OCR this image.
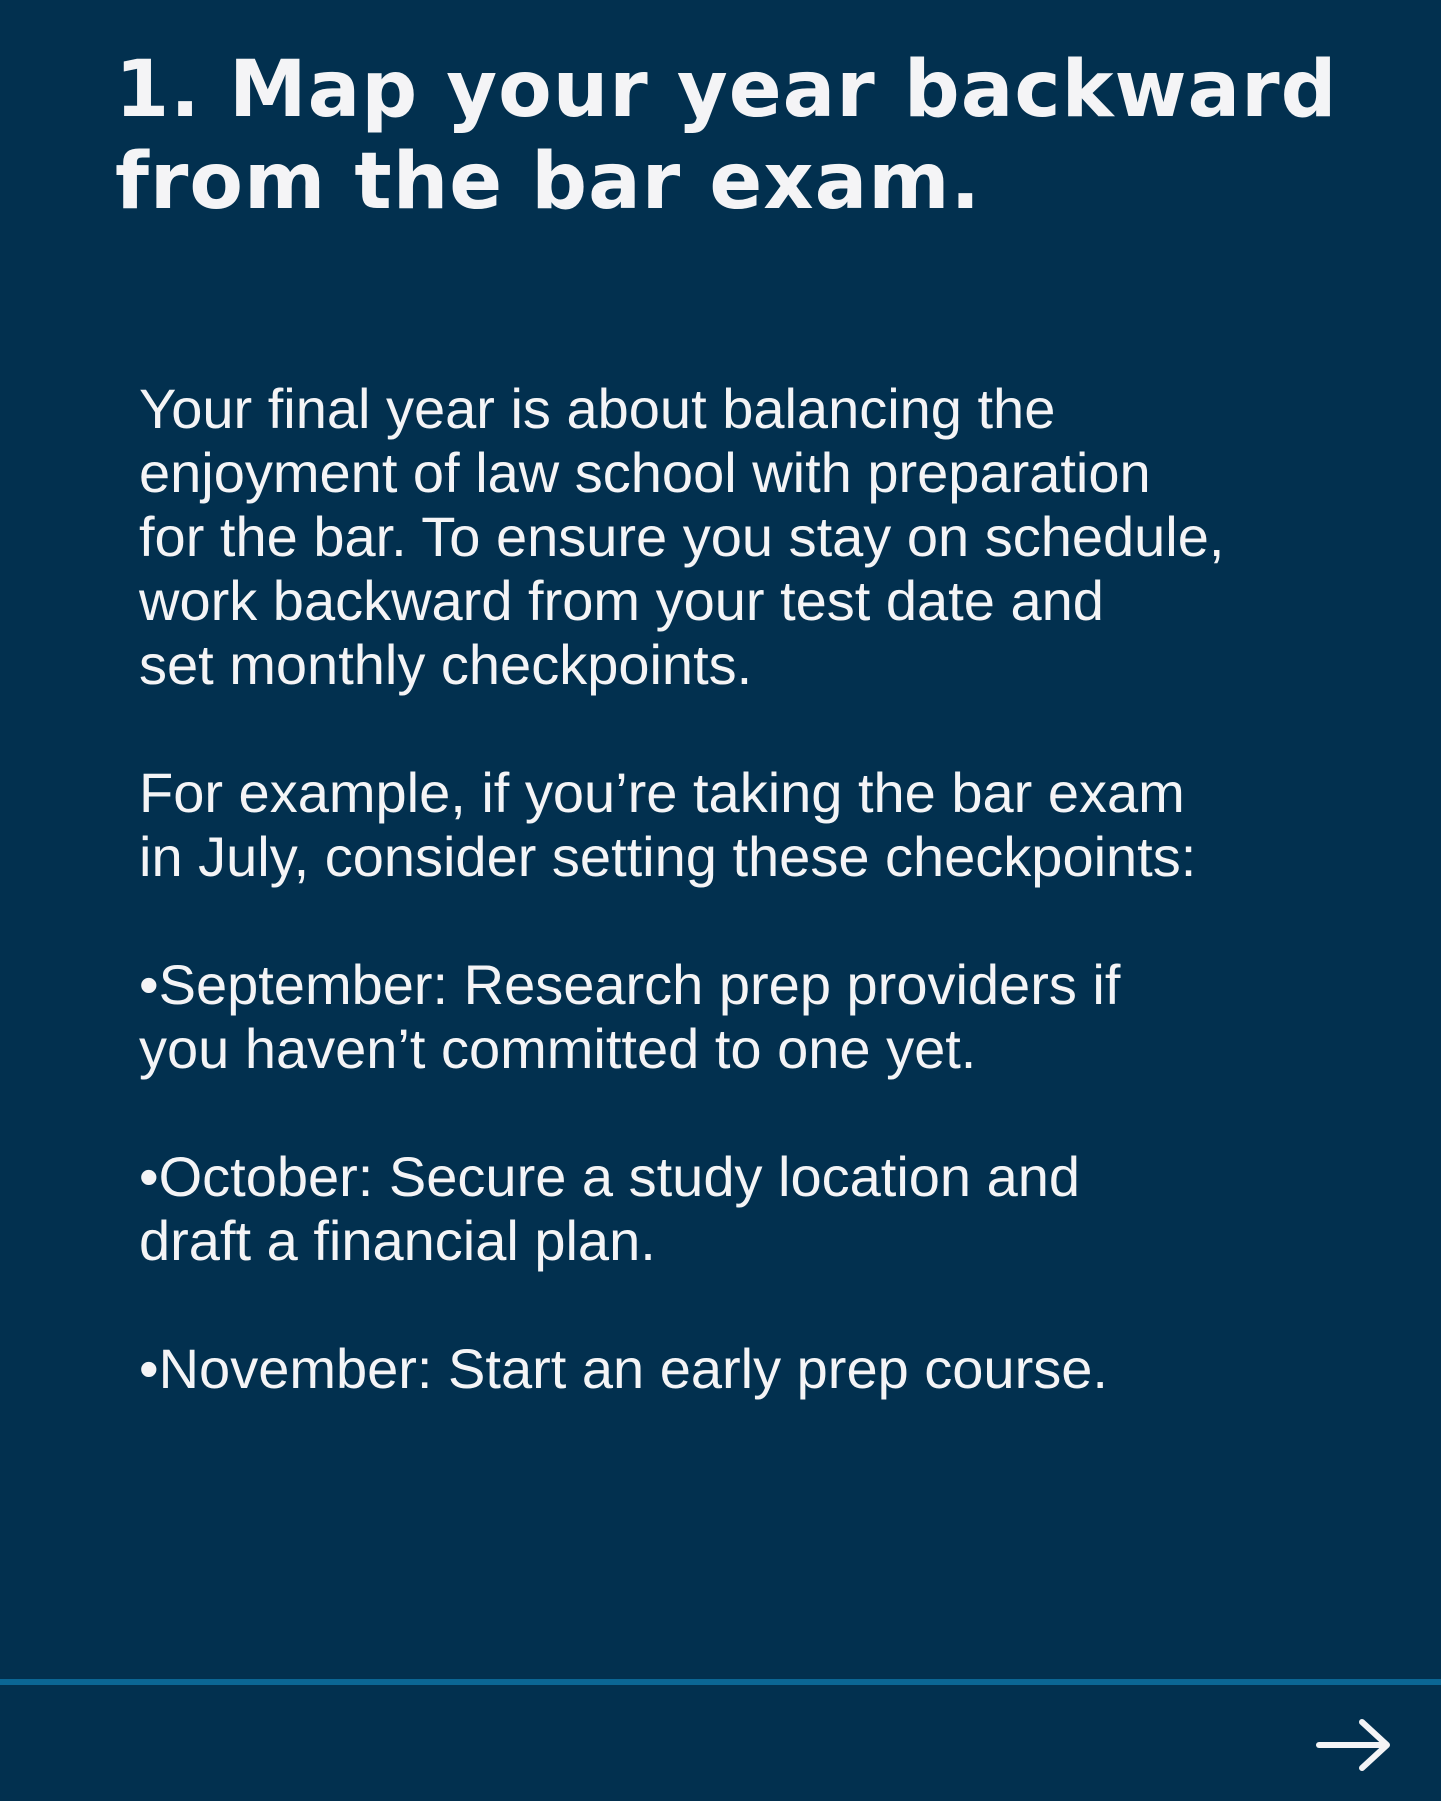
1. Map your year backward
from the bar exam.

Your final year is about balancing the
enjoyment of law school with preparation
for the bar. To ensure you stay on schedule,
work backward from your test date and
set monthly checkpoints.

For example, if you’re taking the bar exam
in July, consider setting these checkpoints:

•September: Research prep providers if
you haven’t committed to one yet.

•October: Secure a study location and
draft a financial plan.

•November: Start an early prep course.
